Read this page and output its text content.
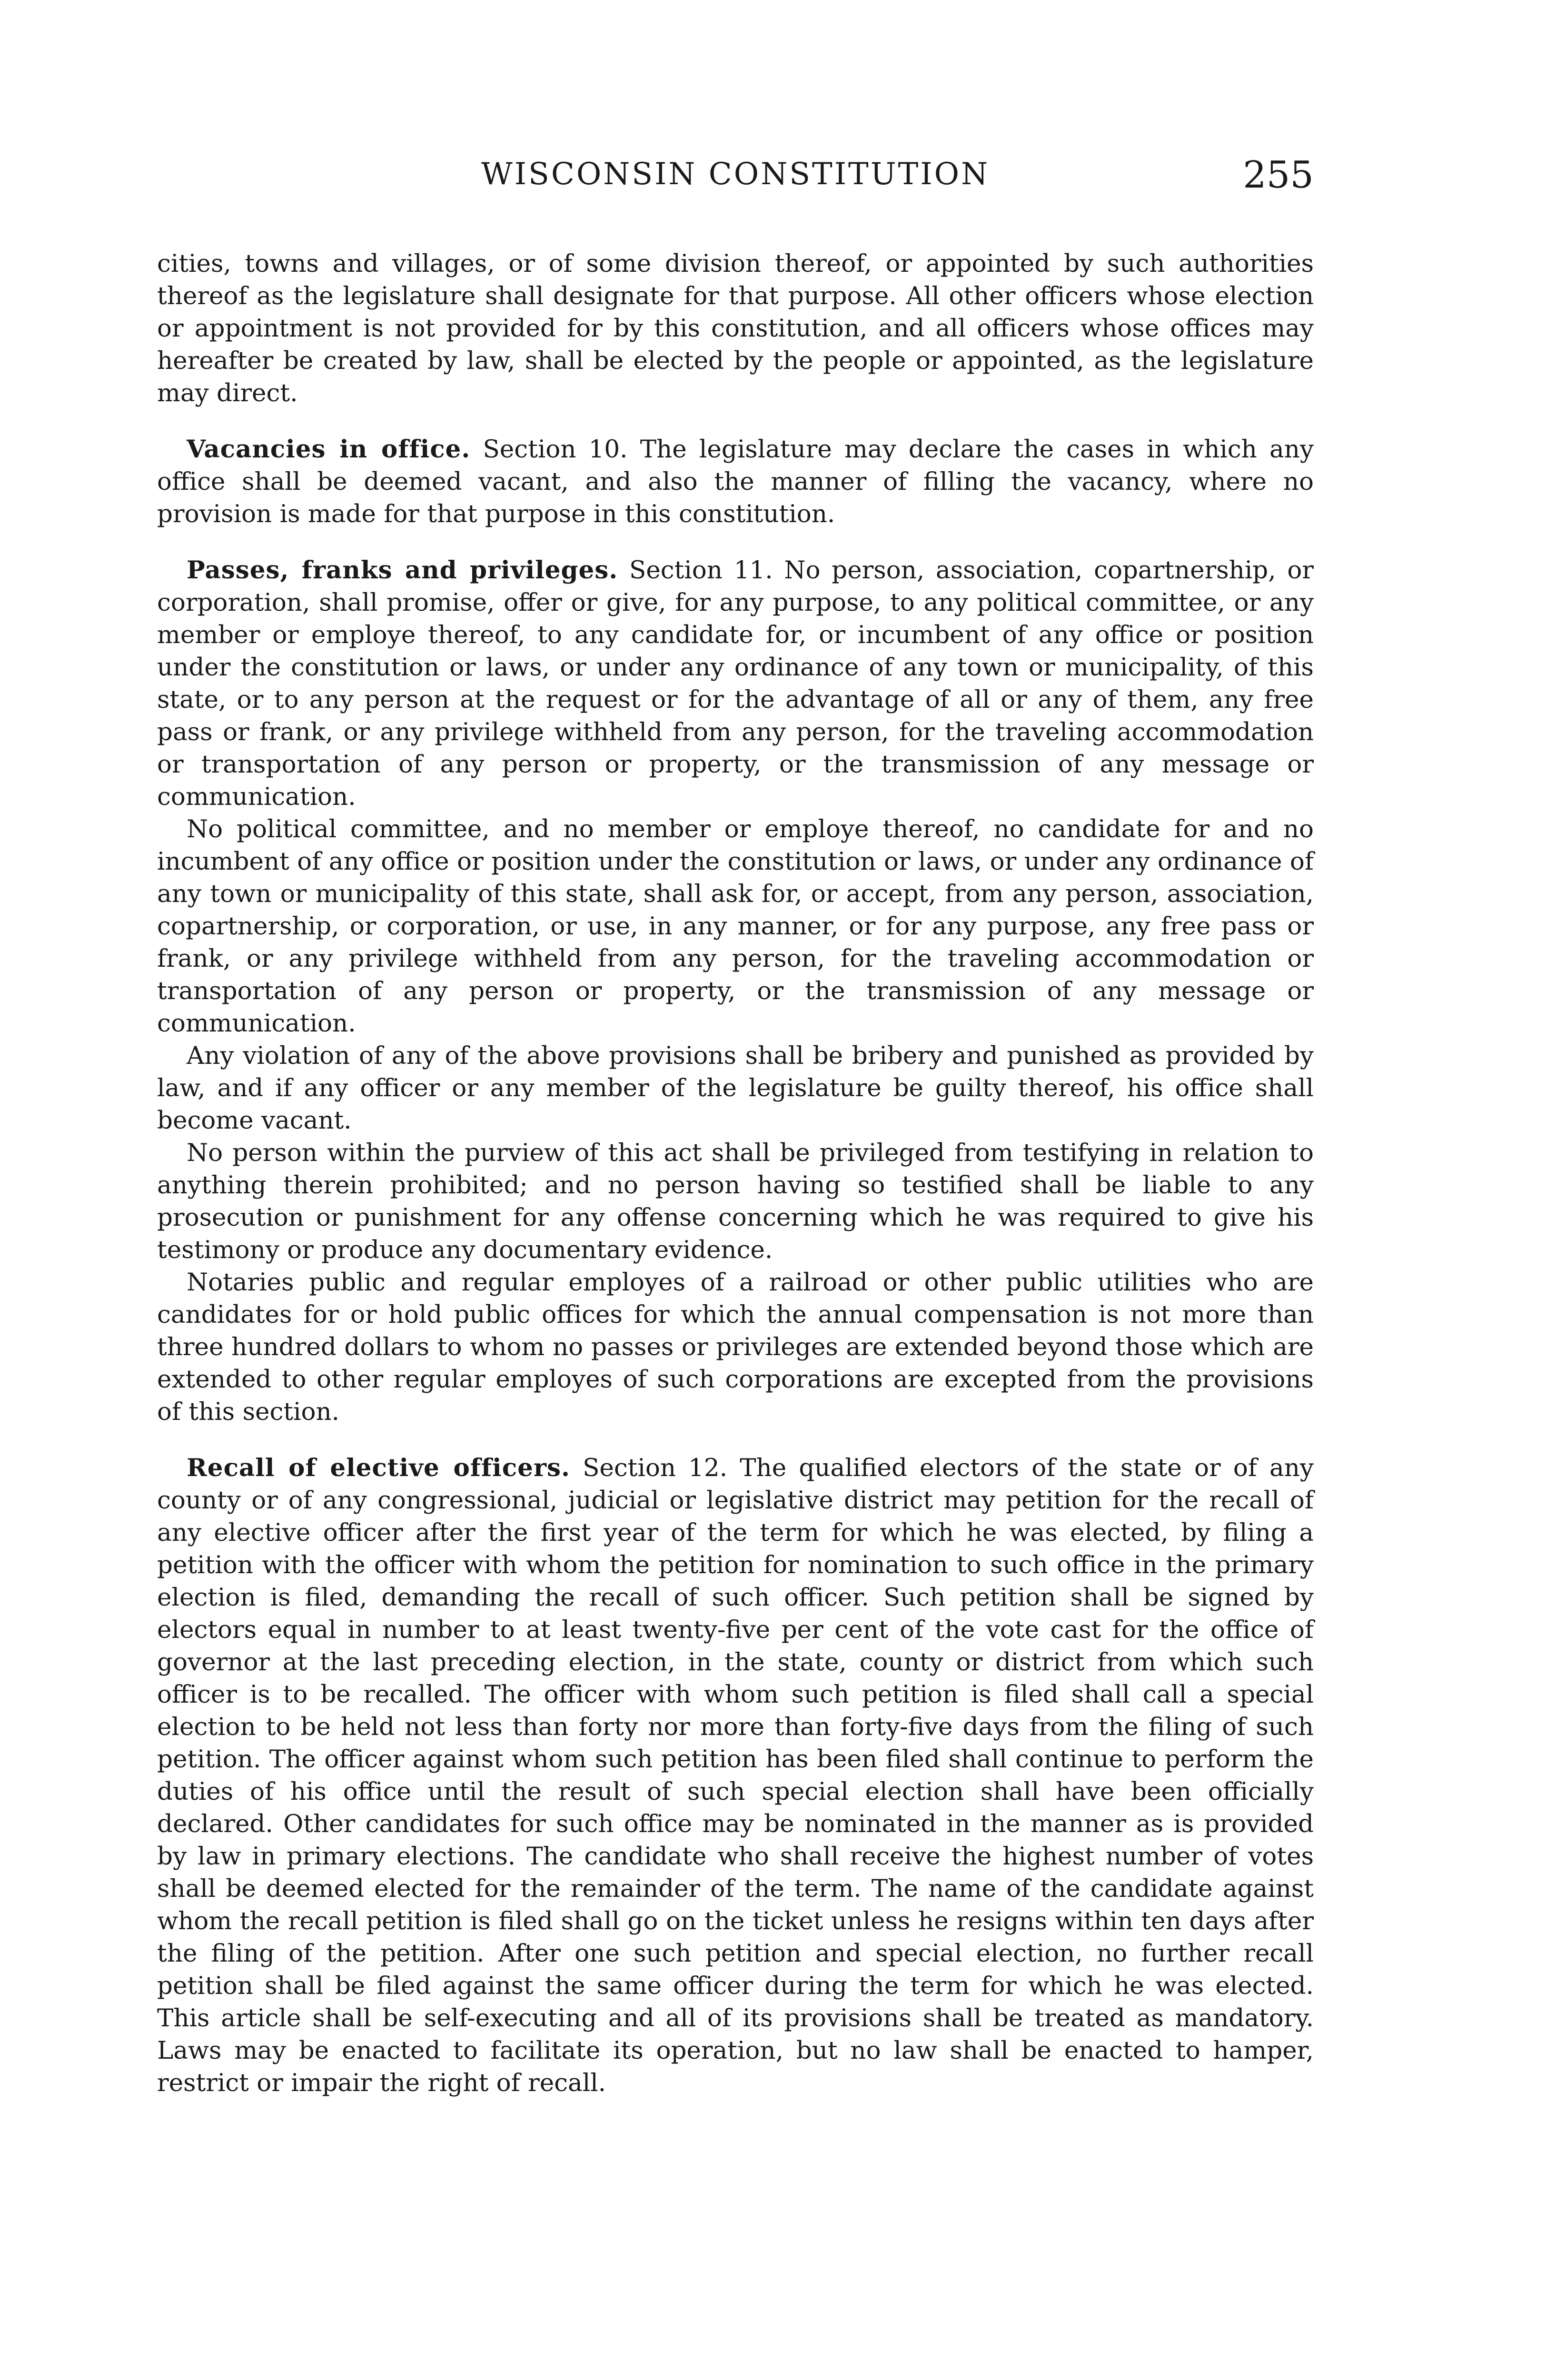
WISCONSIN CONSTITUTION	255

cities, towns and villages, or of some division thereof, or appointed by such authorities thereof as the legislature shall designate for that purpose. All other officers whose election or appointment is not provided for by this constitution, and all officers whose offices may hereafter be created by law, shall be elected by the people or appointed, as the legislature may direct.

Vacancies in office. Section 10. The legislature may declare the cases in which any office shall be deemed vacant, and also the manner of filling the vacancy, where no provision is made for that purpose in this constitution.

Passes, franks and privileges. Section 11. No person, association, copartnership, or corporation, shall promise, offer or give, for any purpose, to any political committee, or any member or employe thereof, to any candidate for, or incumbent of any office or position under the constitution or laws, or under any ordinance of any town or municipality, of this state, or to any person at the request or for the advantage of all or any of them, any free pass or frank, or any privilege withheld from any person, for the traveling accommodation or transportation of any person or property, or the transmission of any message or communication.

No political committee, and no member or employe thereof, no candidate for and no incumbent of any office or position under the constitution or laws, or under any ordinance of any town or municipality of this state, shall ask for, or accept, from any person, association, copartnership, or corporation, or use, in any manner, or for any purpose, any free pass or frank, or any privilege withheld from any person, for the traveling accommodation or transportation of any person or property, or the transmission of any message or communication.

Any violation of any of the above provisions shall be bribery and punished as provided by law, and if any officer or any member of the legislature be guilty thereof, his office shall become vacant.

No person within the purview of this act shall be privileged from testifying in relation to anything therein prohibited; and no person having so testified shall be liable to any prosecution or punishment for any offense concerning which he was required to give his testimony or produce any documentary evidence.

Notaries public and regular employes of a railroad or other public utilities who are candidates for or hold public offices for which the annual compensation is not more than three hundred dollars to whom no passes or privileges are extended beyond those which are extended to other regular employes of such corporations are excepted from the provisions of this section.

Recall of elective officers. Section 12. The qualified electors of the state or of any county or of any congressional, judicial or legislative district may petition for the recall of any elective officer after the first year of the term for which he was elected, by filing a petition with the officer with whom the petition for nomination to such office in the primary election is filed, demanding the recall of such officer. Such petition shall be signed by electors equal in number to at least twenty-five per cent of the vote cast for the office of governor at the last preceding election, in the state, county or district from which such officer is to be recalled. The officer with whom such petition is filed shall call a special election to be held not less than forty nor more than forty-five days from the filing of such petition. The officer against whom such petition has been filed shall continue to perform the duties of his office until the result of such special election shall have been officially declared. Other candidates for such office may be nominated in the manner as is provided by law in primary elections. The candidate who shall receive the highest number of votes shall be deemed elected for the remainder of the term. The name of the candidate against whom the recall petition is filed shall go on the ticket unless he resigns within ten days after the filing of the petition. After one such petition and special election, no further recall petition shall be filed against the same officer during the term for which he was elected. This article shall be self-executing and all of its provisions shall be treated as mandatory. Laws may be enacted to facilitate its operation, but no law shall be enacted to hamper, restrict or impair the right of recall.
